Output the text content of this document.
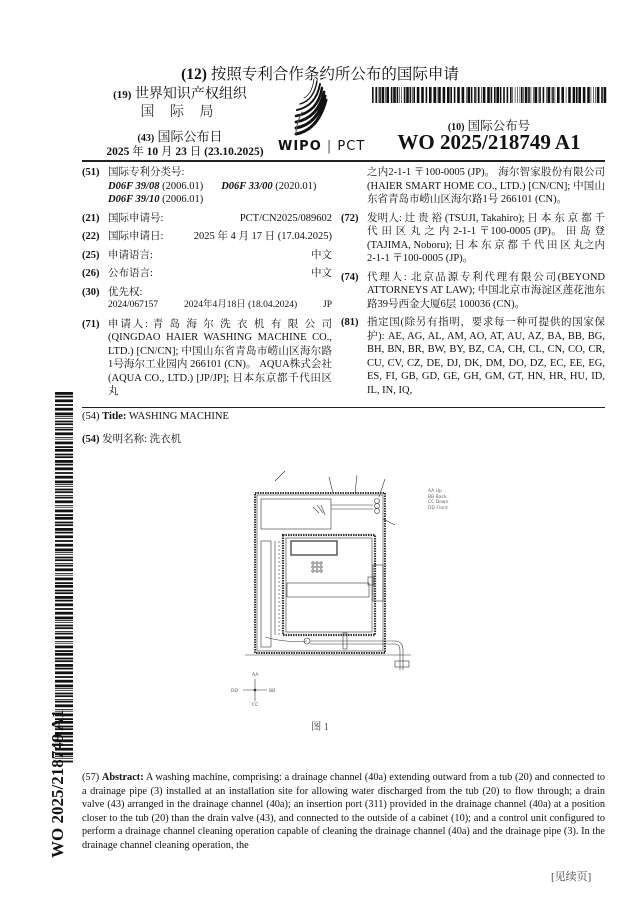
(12) 按照专利合作条约所公布的国际申请
(19) 世界知识产权组织
国 际 局
(43) 国际公布日
2025 年 10 月 23 日 (23.10.2025)	WIPO | PCT
(10) 国际公布号
WO 2025/218749 A1
(51) 国际专利分类号:
D06F 39/08 (2006.01) D06F 33/00 (2020.01)
D06F 39/10 (2006.01)
(21) 国际申请号:	PCT/CN2025/089602
(22) 国际申请日:	2025 年 4 月 17 日 (17.04.2025)
(25) 申请语言:	中文
(26) 公布语言:	中文
(30) 优先权:
2024/067157	2024年4月18日 (18.04.2024)	JP
(71) 申请人: 青 岛 海 尔 洗 衣 机 有 限 公 司 (QINGDAO HAIER WASHING MACHINE CO., LTD.) [CN/CN]; 中国山东省青岛市崂山区海尔路1号海尔工业园内 266101 (CN)。 AQUA株式会社 (AQUA CO., LTD.) [JP/JP]; 日本东京都千代田区丸
之内2-1-1 〒100-0005 (JP)。 海尔智家股份有限公司(HAIER SMART HOME CO., LTD.) [CN/CN]; 中国山东省青岛市崂山区海尔路1号 266101 (CN)。
(72) 发明人: 辻 贵 裕 (TSUJI, Takahiro); 日 本 东 京 都 千 代 田 区 丸 之 内 2-1-1 〒100-0005 (JP)。 田 岛 登 (TAJIMA, Noboru); 日 本 东 京 都 千 代 田 区 丸之内2-1-1 〒100-0005 (JP)。
(74) 代理人: 北京品源专利代理有限公司(BEYOND ATTORNEYS AT LAW); 中国北京市海淀区莲花池东路39号西金大厦6层 100036 (CN)。
(81) 指定国(除另有指明，要求每一种可提供的国家保护): AE, AG, AL, AM, AO, AT, AU, AZ, BA, BB, BG, BH, BN, BR, BW, BY, BZ, CA, CH, CL, CN, CO, CR, CU, CV, CZ, DE, DJ, DK, DM, DO, DZ, EC, EE, EG, ES, FI, GB, GD, GE, GH, GM, GT, HN, HR, HU, ID, IL, IN, IQ,
(54) Title: WASHING MACHINE
(54) 发明名称: 洗衣机
WO 2025/218749 A1
AA
CC
DD	BB
AA Up
BB Back
CC Down
DD Front
图 1
(57) Abstract: A washing machine, comprising: a drainage channel (40a) extending outward from a tub (20) and connected to a drainage pipe (3) installed at an installation site for allowing water discharged from the tub (20) to flow through; a drain valve (43) arranged in the drainage channel (40a); an insertion port (311) provided in the drainage channel (40a) at a position closer to the tub (20) than the drain valve (43), and connected to the outside of a cabinet (10); and a control unit configured to perform a drainage channel cleaning operation capable of cleaning the drainage channel (40a) and the drainage pipe (3). In the drainage channel cleaning operation, the
[见续页]
